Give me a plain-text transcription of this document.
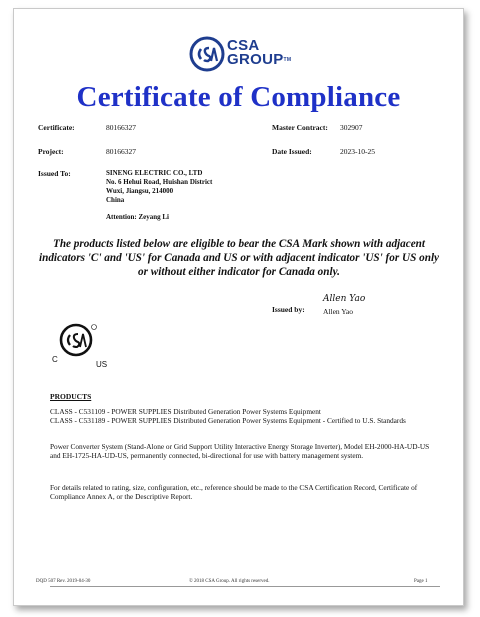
CSA
GROUP™
Certificate of Compliance
Certificate:	80166327	Master Contract: 302907
Project:	80166327	Date Issued:	2023-10-25
Issued To:	SINENG ELECTRIC CO., LTD
No. 6 Hehui Road, Huishan District
Wuxi, Jiangsu, 214000
China
Attention: Zeyang Li
The products listed below are eligible to bear the CSA Mark shown with adjacent indicators 'C' and 'US' for Canada and US or with adjacent indicator 'US' for US only or without either indicator for Canada only.
Issued by:
Allen Yao
Allen Yao
C
US
PRODUCTS
CLASS - C531109 - POWER SUPPLIES Distributed Generation Power Systems Equipment
CLASS - C531189 - POWER SUPPLIES Distributed Generation Power Systems Equipment - Certified to U.S. Standards
Power Converter System (Stand-Alone or Grid Support Utility Interactive Energy Storage Inverter), Model EH-2000-HA-UD-US and EH-1725-HA-UD-US, permanently connected, bi-directional for use with battery management system.
For details related to rating, size, configuration, etc., reference should be made to the CSA Certification Record, Certificate of Compliance Annex A, or the Descriptive Report.
DQD 507 Rev. 2019-04-30	© 2018 CSA Group. All rights reserved.	Page 1
